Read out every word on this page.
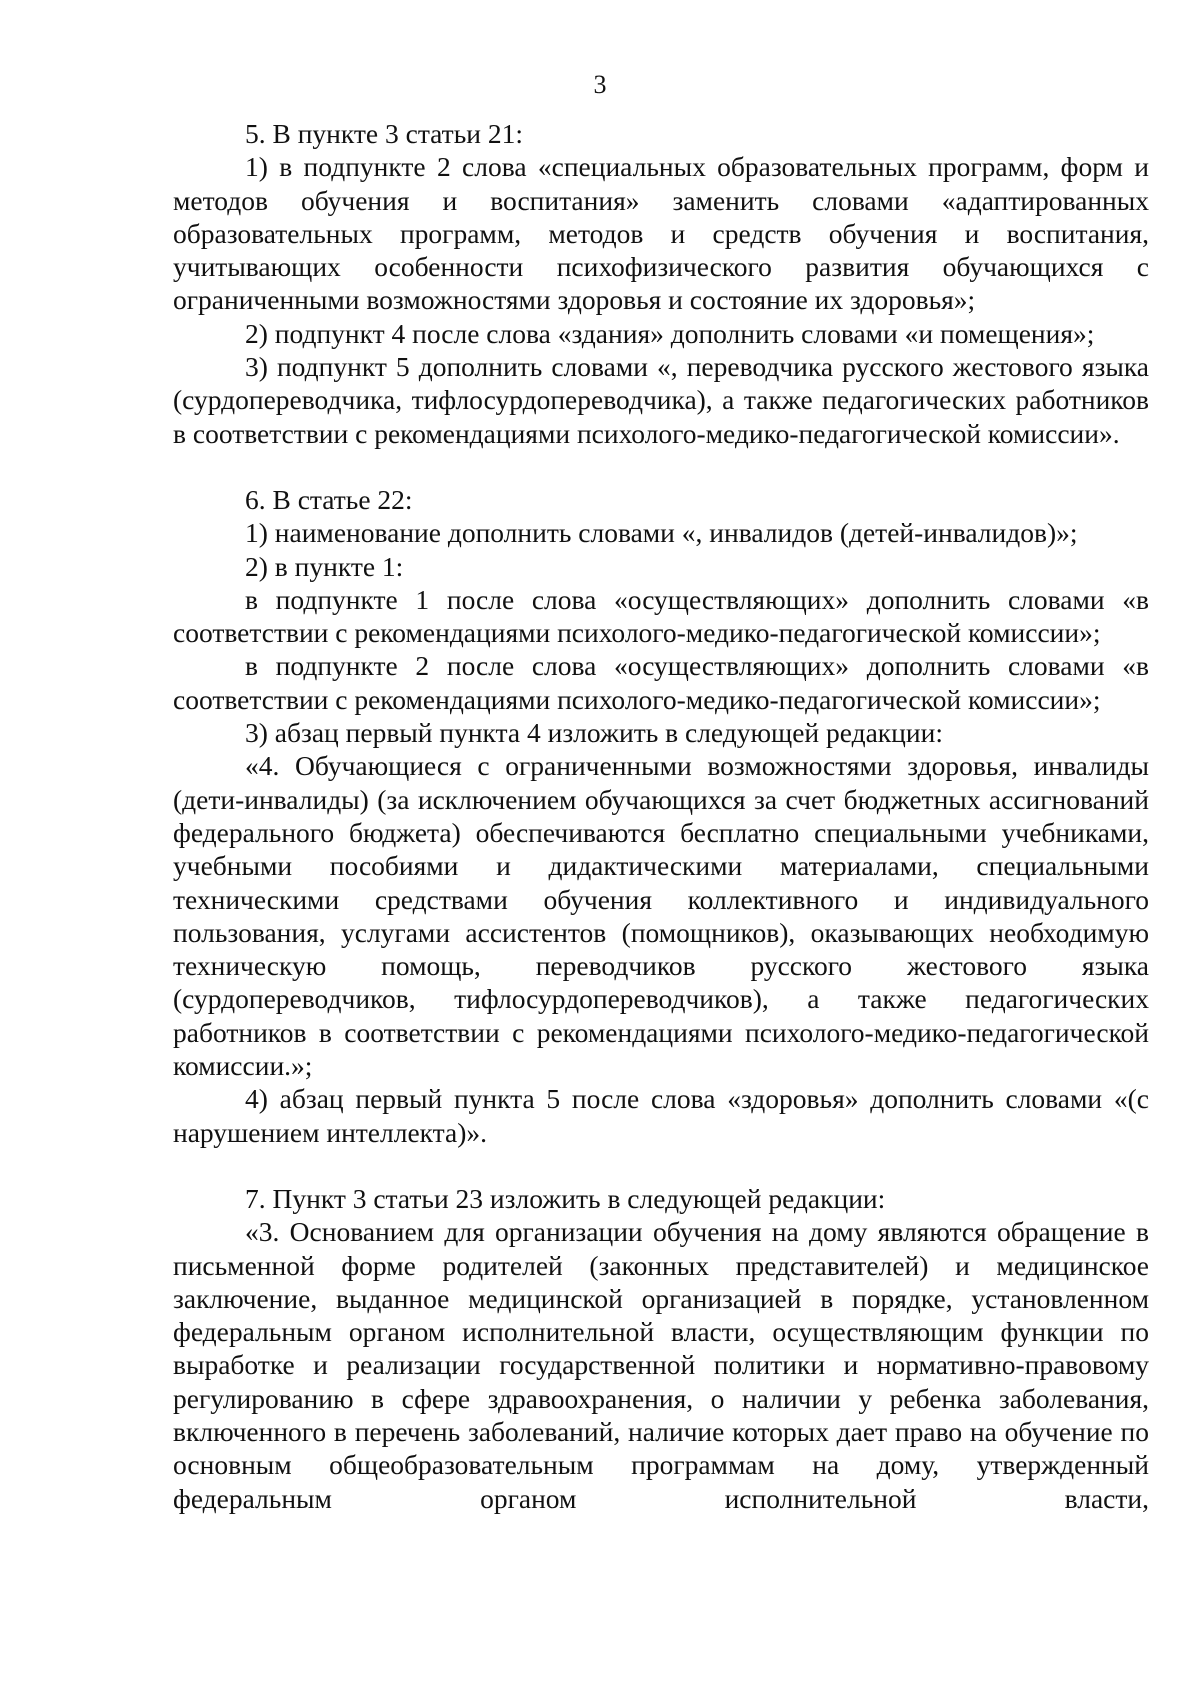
3

5. В пункте 3 статьи 21:

1) в подпункте 2 слова «специальных образовательных программ, форм и методов обучения и воспитания» заменить словами «адаптированных образовательных программ, методов и средств обучения и воспитания, учитывающих особенности психофизического развития обучающихся с ограниченными возможностями здоровья и состояние их здоровья»;

2) подпункт 4 после слова «здания» дополнить словами «и помещения»;

3) подпункт 5 дополнить словами «, переводчика русского жестового языка (сурдопереводчика, тифлосурдопереводчика), а также педагогических работников в соответствии с рекомендациями психолого-медико-педагогической комиссии».

6. В статье 22:

1) наименование дополнить словами «, инвалидов (детей-инвалидов)»;

2) в пункте 1:

в подпункте 1 после слова «осуществляющих» дополнить словами «в соответствии с рекомендациями психолого-медико-педагогической комиссии»;

в подпункте 2 после слова «осуществляющих» дополнить словами «в соответствии с рекомендациями психолого-медико-педагогической комиссии»;

3) абзац первый пункта 4 изложить в следующей редакции:

«4. Обучающиеся с ограниченными возможностями здоровья, инвалиды (дети-инвалиды) (за исключением обучающихся за счет бюджетных ассигнований федерального бюджета) обеспечиваются бесплатно специальными учебниками, учебными пособиями и дидактическими материалами, специальными техническими средствами обучения коллективного и индивидуального пользования, услугами ассистентов (помощников), оказывающих необходимую техническую помощь, переводчиков русского жестового языка (сурдопереводчиков, тифлосурдопереводчиков), а также педагогических работников в соответствии с рекомендациями психолого-медико-педагогической комиссии.»;

4) абзац первый пункта 5 после слова «здоровья» дополнить словами «(с нарушением интеллекта)».

7. Пункт 3 статьи 23 изложить в следующей редакции:

«3. Основанием для организации обучения на дому являются обращение в письменной форме родителей (законных представителей) и медицинское заключение, выданное медицинской организацией в порядке, установленном федеральным органом исполнительной власти, осуществляющим функции по выработке и реализации государственной политики и нормативно-правовому регулированию в сфере здравоохранения, о наличии у ребенка заболевания, включенного в перечень заболеваний, наличие которых дает право на обучение по основным общеобразовательным программам на дому, утвержденный федеральным органом исполнительной власти,
